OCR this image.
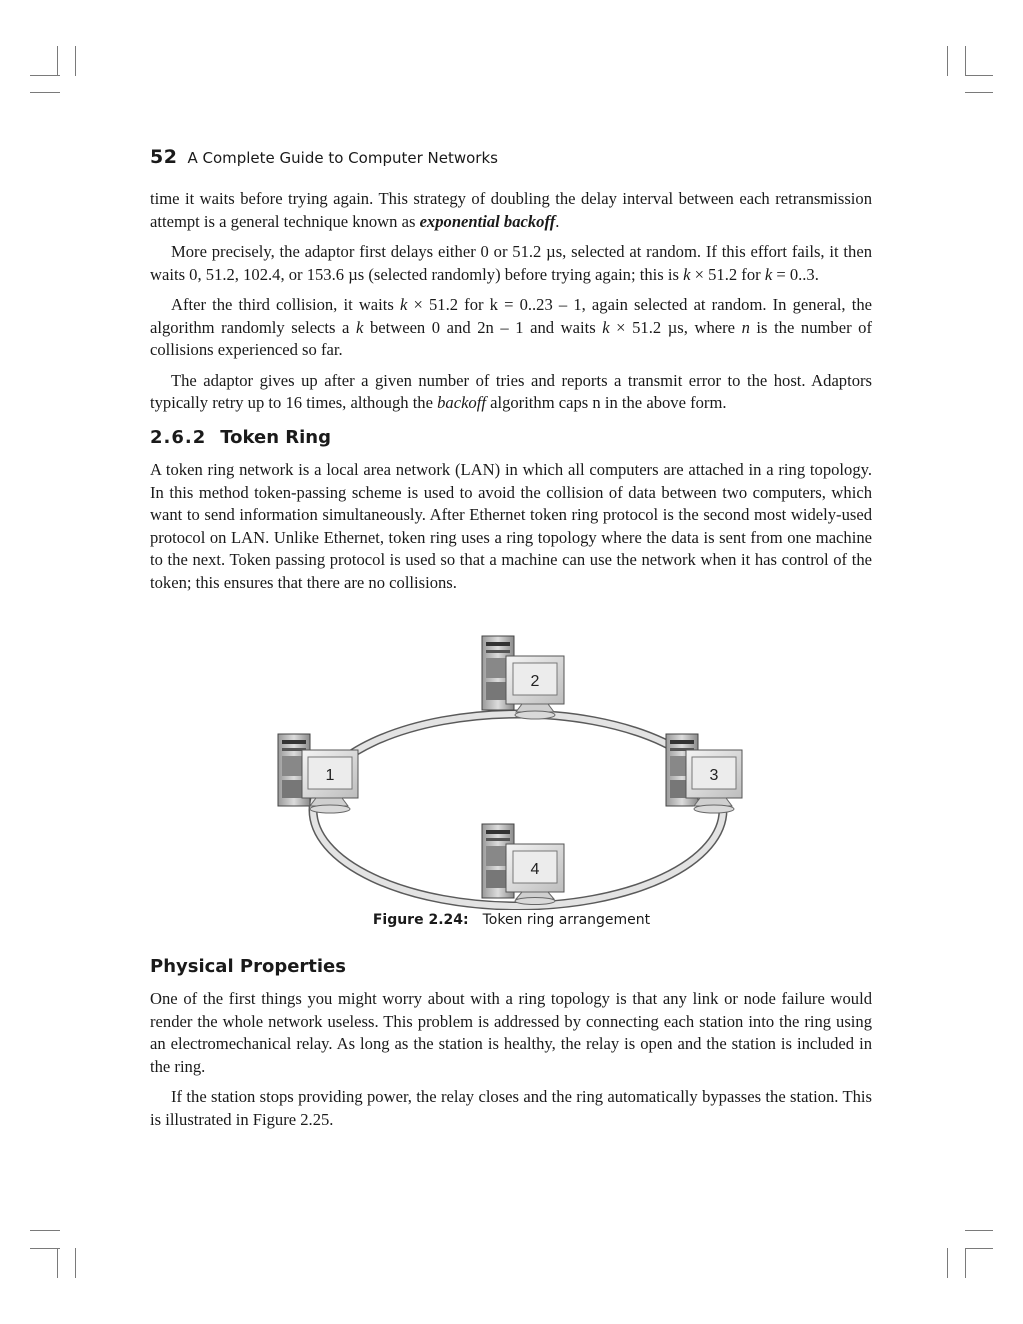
52 A Complete Guide to Computer Networks

time it waits before trying again. This strategy of doubling the delay interval between each retransmission attempt is a general technique known as exponential backoff.

More precisely, the adaptor first delays either 0 or 51.2 µs, selected at random. If this effort fails, it then waits 0, 51.2, 102.4, or 153.6 µs (selected randomly) before trying again; this is k × 51.2 for k = 0..3.

After the third collision, it waits k × 51.2 for k = 0..23 – 1, again selected at random. In general, the algorithm randomly selects a k between 0 and 2n – 1 and waits k × 51.2 µs, where n is the number of collisions experienced so far.

The adaptor gives up after a given number of tries and reports a transmit error to the host. Adaptors typically retry up to 16 times, although the backoff algorithm caps n in the above form.

2.6.2 Token Ring

A token ring network is a local area network (LAN) in which all computers are attached in a ring topology. In this method token-passing scheme is used to avoid the collision of data between two computers, which want to send information simultaneously. After Ethernet token ring protocol is the second most widely-used protocol on LAN. Unlike Ethernet, token ring uses a ring topology where the data is sent from one machine to the next. Token passing protocol is used so that a machine can use the network when it has control of the token; this ensures that there are no collisions.

2
1	3
4
Figure 2.24: Token ring arrangement
Physical Properties

One of the first things you might worry about with a ring topology is that any link or node failure would render the whole network useless. This problem is addressed by connecting each station into the ring using an electromechanical relay. As long as the station is healthy, the relay is open and the station is included in the ring.

If the station stops providing power, the relay closes and the ring automatically bypasses the station. This is illustrated in Figure 2.25.
